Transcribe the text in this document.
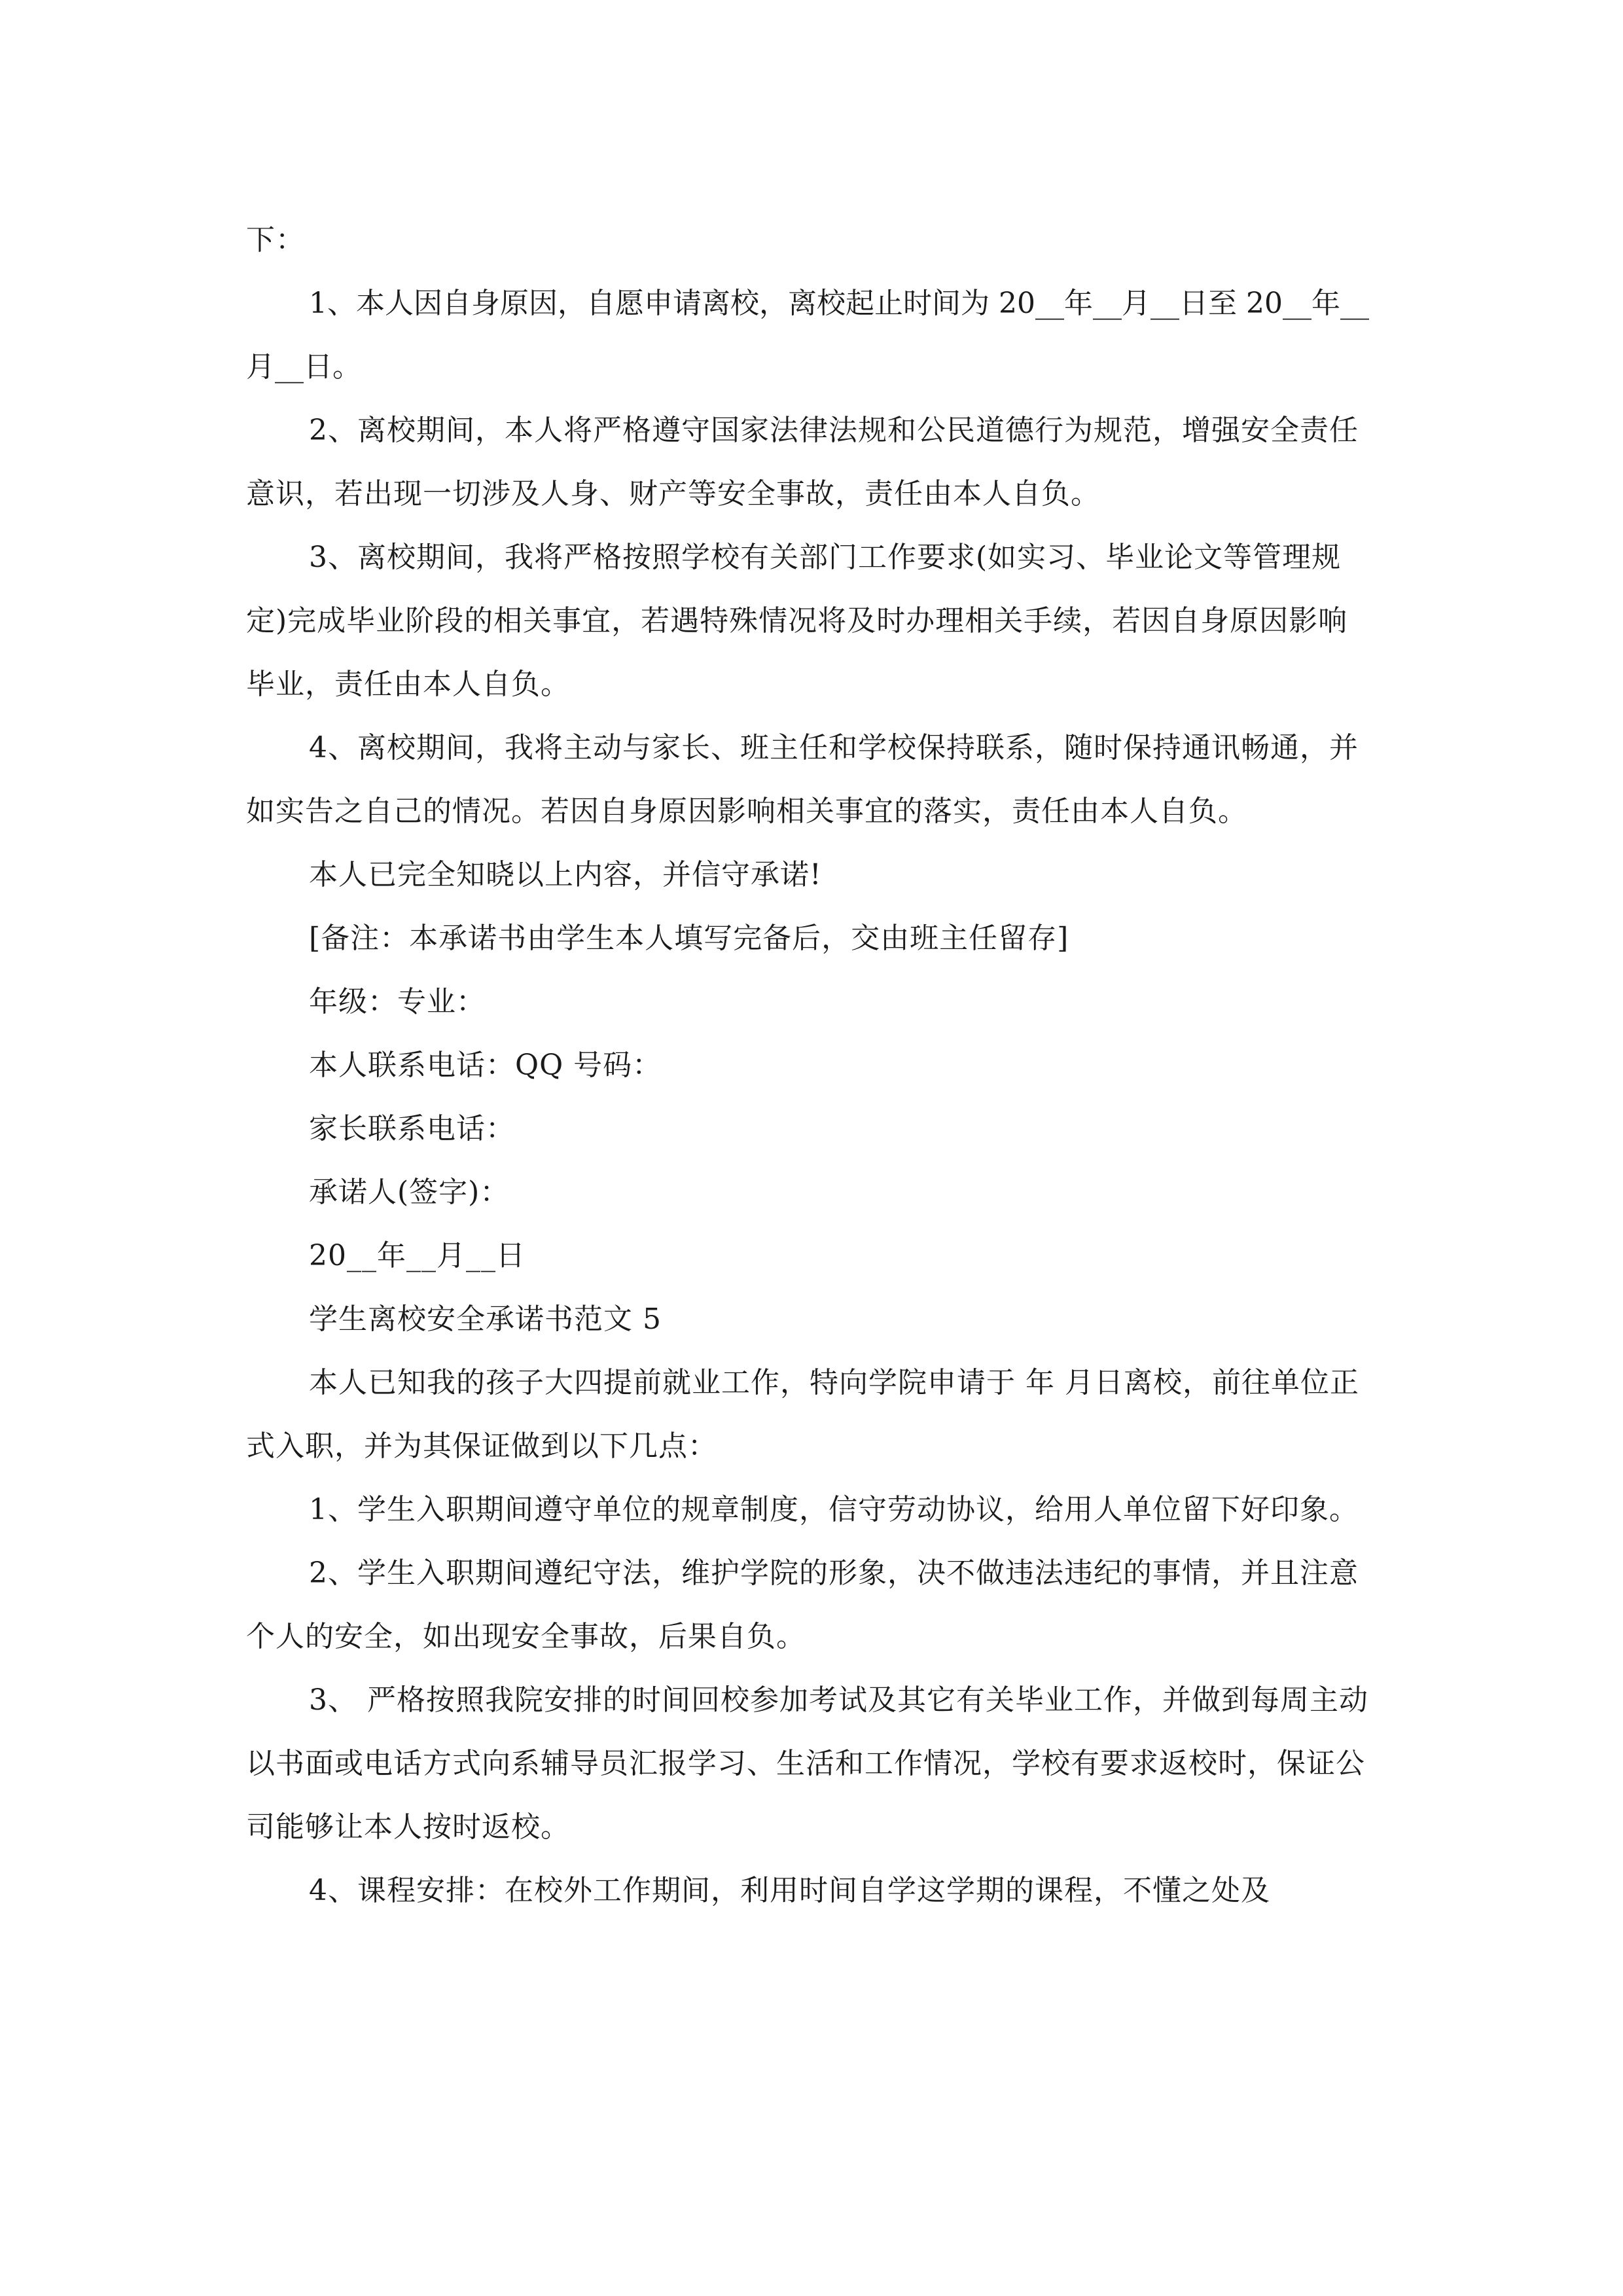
下：

1、本人因自身原因，自愿申请离校，离校起止时间为 20__年__月__日至 20__年__月__日。

2、离校期间，本人将严格遵守国家法律法规和公民道德行为规范，增强安全责任意识，若出现一切涉及人身、财产等安全事故，责任由本人自负。

3、离校期间，我将严格按照学校有关部门工作要求(如实习、毕业论文等管理规定)完成毕业阶段的相关事宜，若遇特殊情况将及时办理相关手续，若因自身原因影响毕业，责任由本人自负。

4、离校期间，我将主动与家长、班主任和学校保持联系，随时保持通讯畅通，并如实告之自己的情况。若因自身原因影响相关事宜的落实，责任由本人自负。

本人已完全知晓以上内容，并信守承诺!

[备注：本承诺书由学生本人填写完备后，交由班主任留存]

年级：专业：

本人联系电话：QQ 号码：

家长联系电话：

承诺人(签字)：

20__年__月__日

学生离校安全承诺书范文 5

本人已知我的孩子大四提前就业工作，特向学院申请于 年 月日离校，前往单位正式入职，并为其保证做到以下几点：

1、学生入职期间遵守单位的规章制度，信守劳动协议，给用人单位留下好印象。

2、学生入职期间遵纪守法，维护学院的形象，决不做违法违纪的事情，并且注意个人的安全，如出现安全事故，后果自负。

3、 严格按照我院安排的时间回校参加考试及其它有关毕业工作，并做到每周主动以书面或电话方式向系辅导员汇报学习、生活和工作情况，学校有要求返校时，保证公司能够让本人按时返校。

4、课程安排：在校外工作期间，利用时间自学这学期的课程，不懂之处及
